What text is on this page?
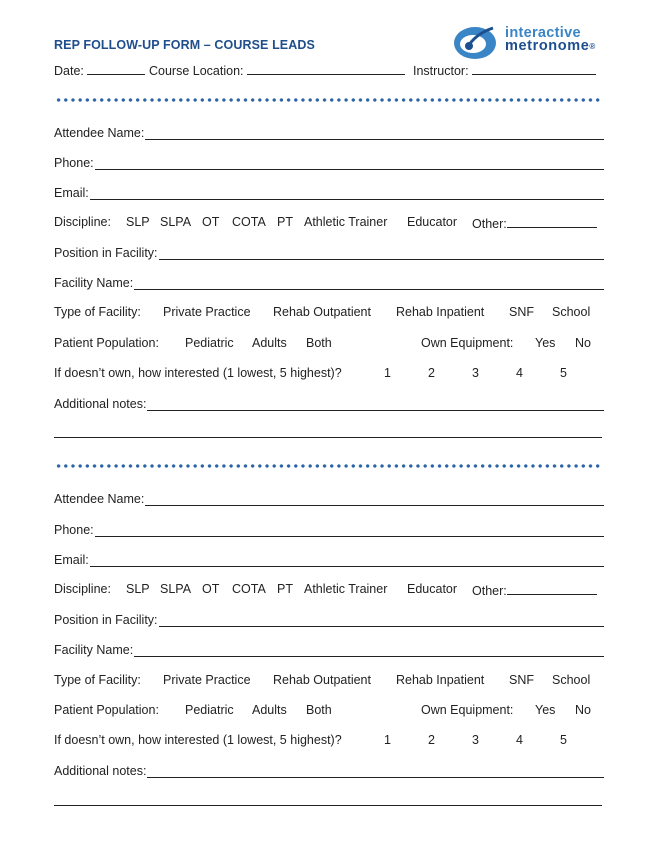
REP FOLLOW-UP FORM – COURSE LEADS
interactive
metronome®
Date:	Course Location:	Instructor:
Attendee Name:
Phone:
Email:
Discipline: SLP SLPA OT COTA PT Athletic Trainer Educator Other:
Position in Facility:
Facility Name:
Type of Facility: Private Practice Rehab Outpatient Rehab Inpatient SNF School
Patient Population: Pediatric Adults Both	Own Equipment: Yes No
If doesn’t own, how interested (1 lowest, 5 highest)?	1	2	3	4	5
Additional notes:
Attendee Name:
Phone:
Email:
Discipline: SLP SLPA OT COTA PT Athletic Trainer Educator Other:
Position in Facility:
Facility Name:
Type of Facility: Private Practice Rehab Outpatient Rehab Inpatient SNF School
Patient Population: Pediatric Adults Both	Own Equipment: Yes No
If doesn’t own, how interested (1 lowest, 5 highest)?	1	2	3	4	5
Additional notes:
